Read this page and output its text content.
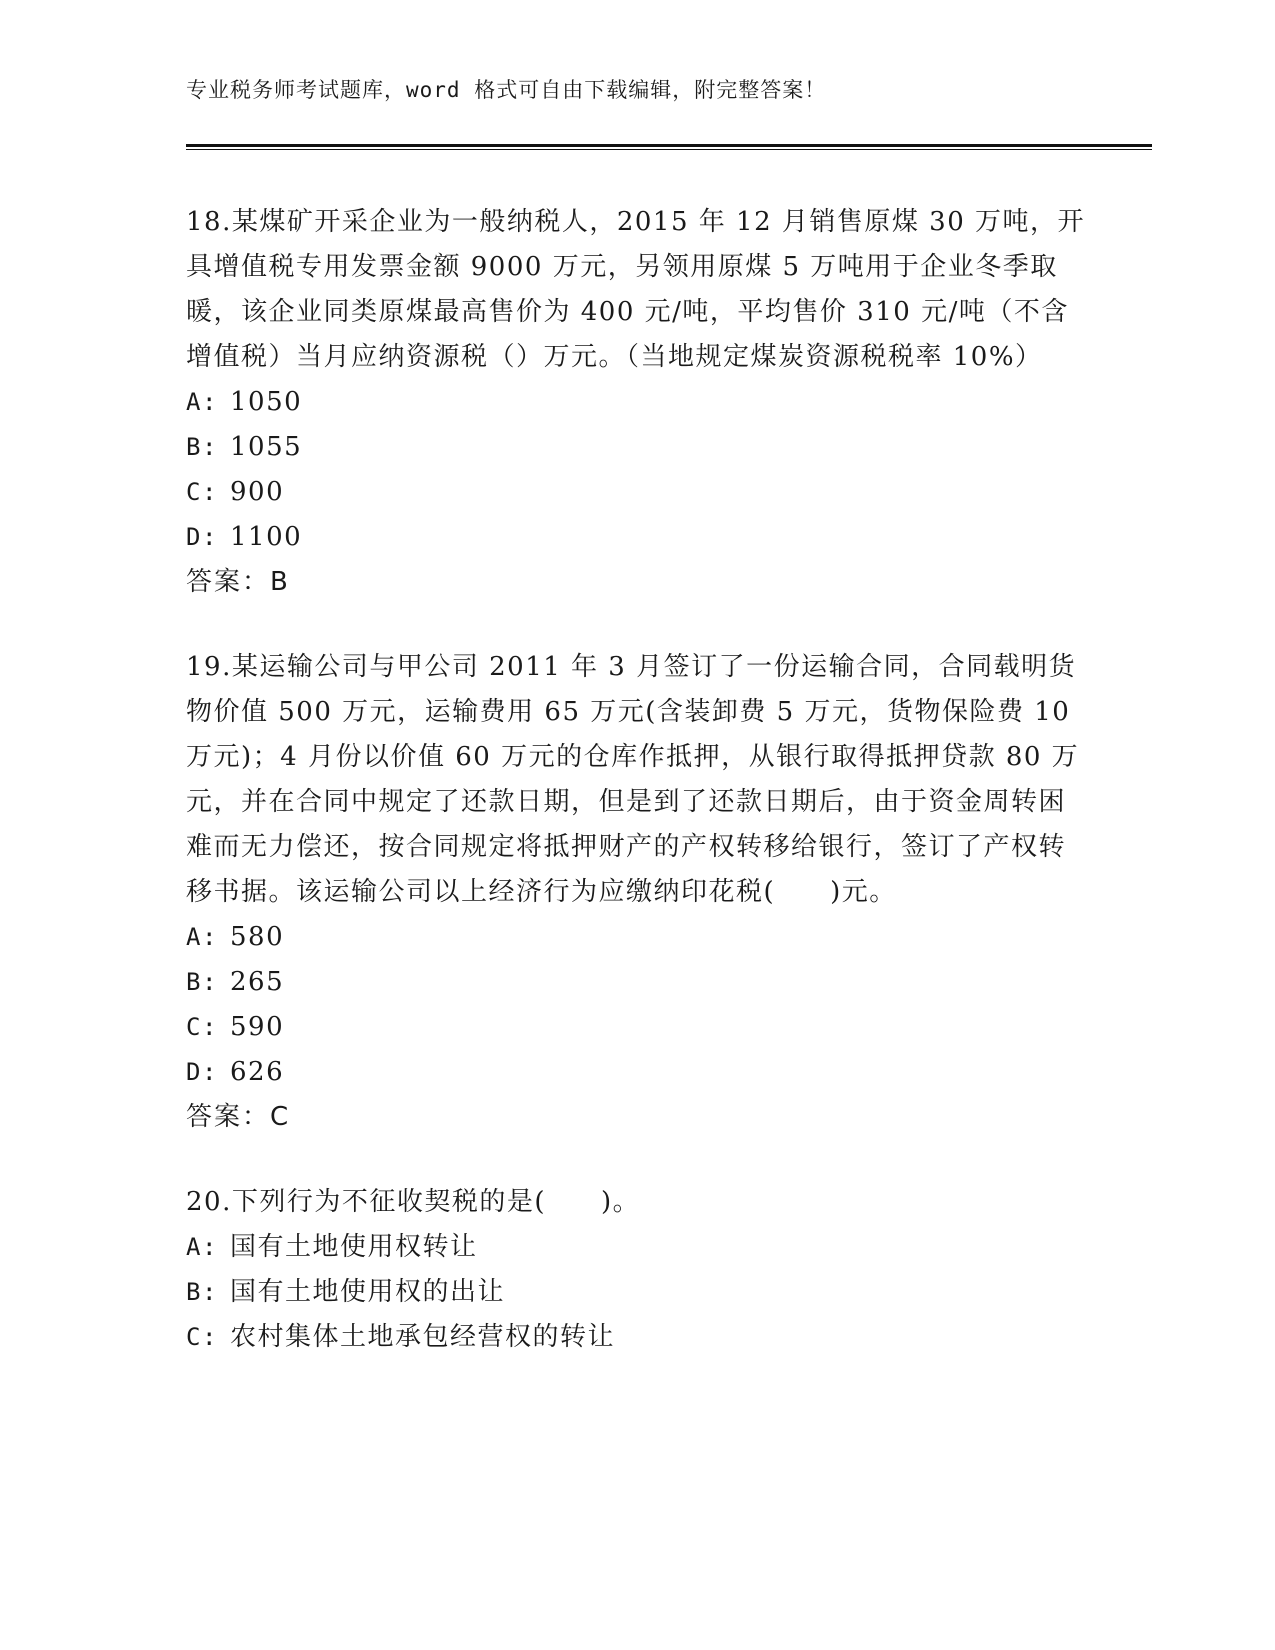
专业税务师考试题库，word 格式可自由下载编辑，附完整答案！

18.某煤矿开采企业为一般纳税人，2015 年 12 月销售原煤 30 万吨，开具增值税专用发票金额 9000 万元，另领用原煤 5 万吨用于企业冬季取暖，该企业同类原煤最高售价为 400 元/吨，平均售价 310 元/吨（不含增值税）当月应纳资源税（）万元。（当地规定煤炭资源税税率 10%）

A: 1050
B: 1055
C: 900
D: 1100
答案：B

19.某运输公司与甲公司 2011 年 3 月签订了一份运输合同，合同载明货物价值 500 万元，运输费用 65 万元(含装卸费 5 万元，货物保险费 10 万元)；4 月份以价值 60 万元的仓库作抵押，从银行取得抵押贷款 80 万元，并在合同中规定了还款日期，但是到了还款日期后，由于资金周转困难而无力偿还，按合同规定将抵押财产的产权转移给银行，签订了产权转移书据。该运输公司以上经济行为应缴纳印花税(　　)元。

A: 580
B: 265
C: 590
D: 626
答案：C

20.下列行为不征收契税的是(　　)。

A: 国有土地使用权转让
B: 国有土地使用权的出让
C: 农村集体土地承包经营权的转让
